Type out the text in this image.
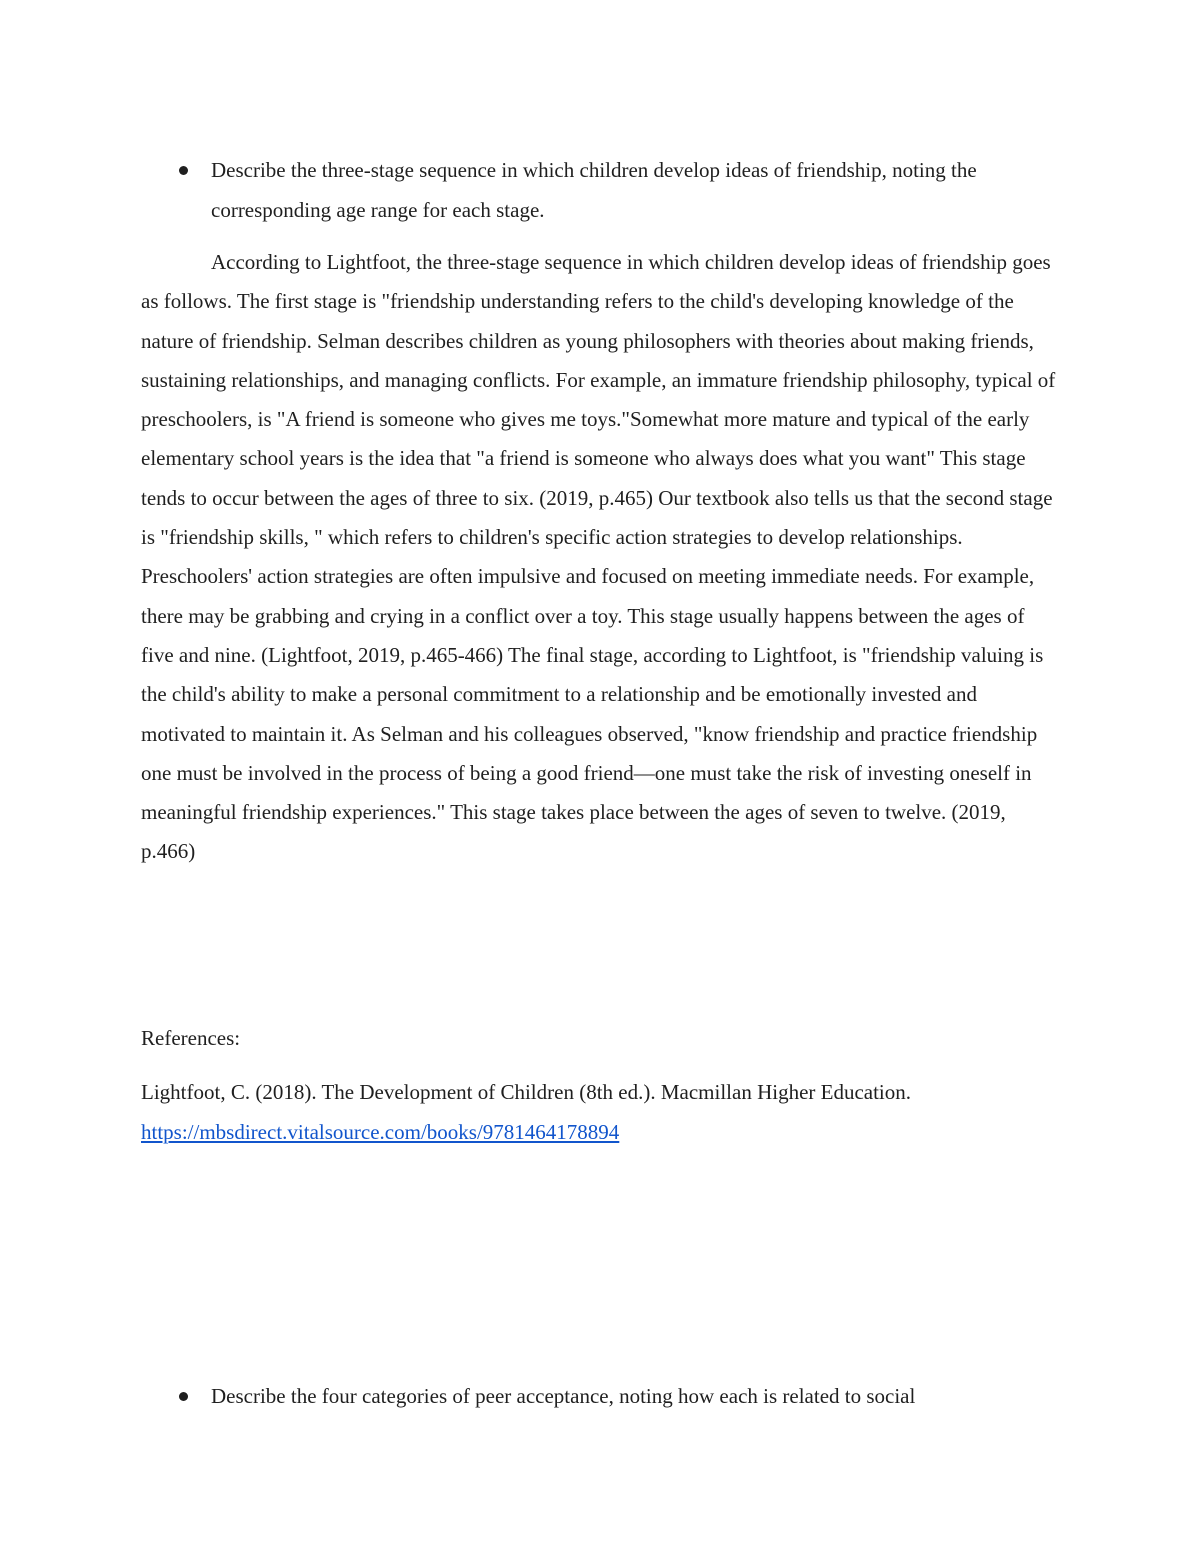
Describe the three-stage sequence in which children develop ideas of friendship, noting the corresponding age range for each stage.

According to Lightfoot, the three-stage sequence in which children develop ideas of friendship goes as follows. The first stage is "friendship understanding refers to the child's developing knowledge of the nature of friendship. Selman describes children as young philosophers with theories about making friends, sustaining relationships, and managing conflicts. For example, an immature friendship philosophy, typical of preschoolers, is "A friend is someone who gives me toys."Somewhat more mature and typical of the early elementary school years is the idea that "a friend is someone who always does what you want" This stage tends to occur between the ages of three to six. (2019, p.465) Our textbook also tells us that the second stage is "friendship skills, " which refers to children's specific action strategies to develop relationships. Preschoolers' action strategies are often impulsive and focused on meeting immediate needs. For example, there may be grabbing and crying in a conflict over a toy. This stage usually happens between the ages of five and nine. (Lightfoot, 2019, p.465-466) The final stage, according to Lightfoot, is "friendship valuing is the child's ability to make a personal commitment to a relationship and be emotionally invested and motivated to maintain it. As Selman and his colleagues observed, "know friendship and practice friendship one must be involved in the process of being a good friend—one must take the risk of investing oneself in meaningful friendship experiences." This stage takes place between the ages of seven to twelve. (2019, p.466)

References:
Lightfoot, C. (2018). The Development of Children (8th ed.). Macmillan Higher Education.
https://mbsdirect.vitalsource.com/books/9781464178894
Describe the four categories of peer acceptance, noting how each is related to social
